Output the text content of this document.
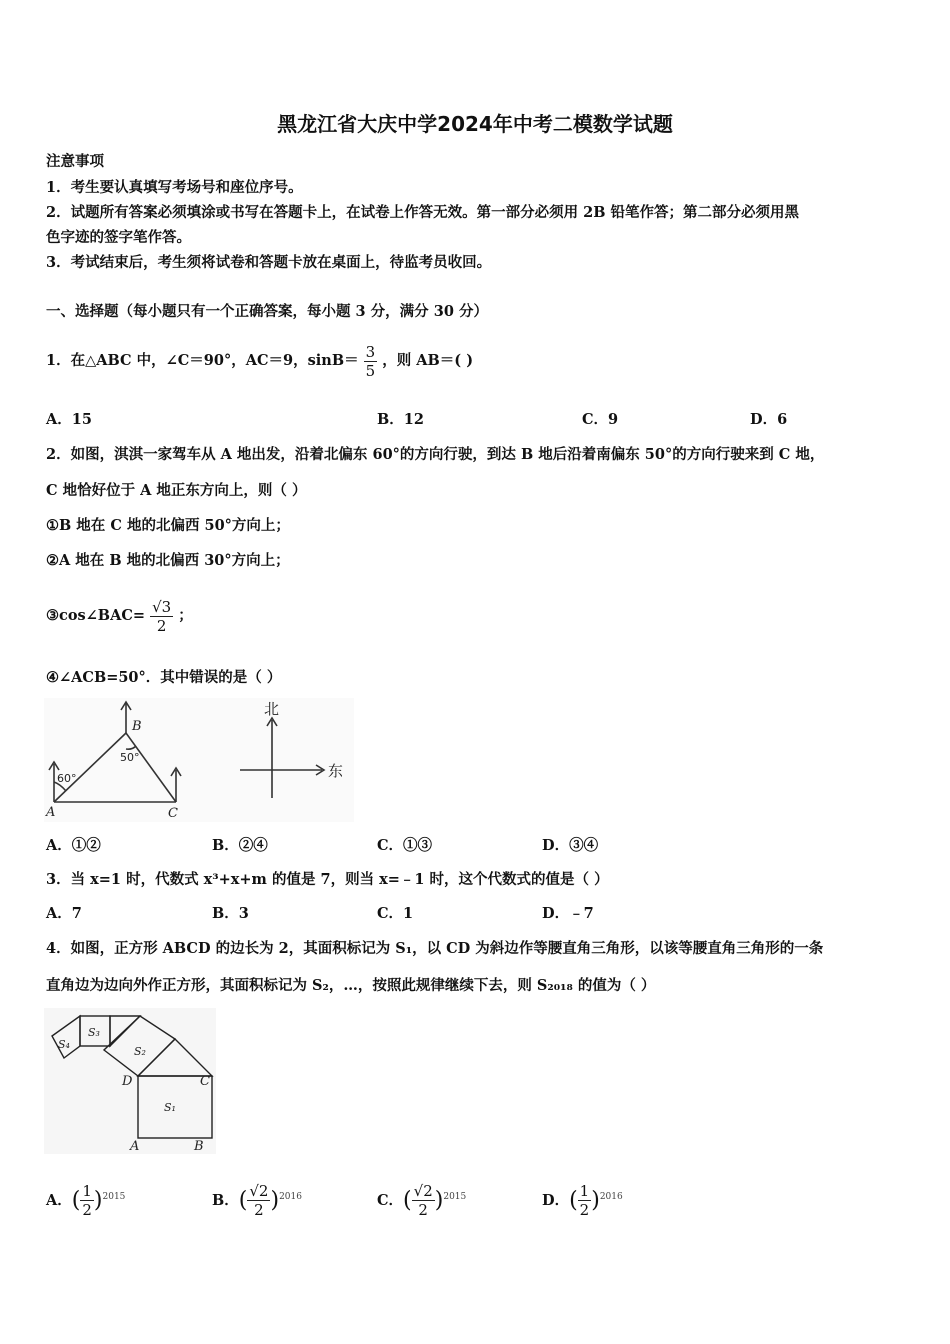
黑龙江省大庆中学2024年中考二模数学试题
注意事项
1．考生要认真填写考场号和座位序号。
2．试题所有答案必须填涂或书写在答题卡上，在试卷上作答无效。第一部分必须用 2B 铅笔作答；第二部分必须用黑
色字迹的签字笔作答。
3．考试结束后，考生须将试卷和答题卡放在桌面上，待监考员收回。
一、选择题（每小题只有一个正确答案，每小题 3 分，满分 30 分）
1．在△ABC 中，∠C＝90°，AC＝9，$\sin B= \frac{3}{5}$ ，则 AB＝( )
A．15	B．12	C．9	D．6
2．如图，淇淇一家驾车从 A 地出发，沿着北偏东 60°的方向行驶，到达 B 地后沿着南偏东 50°的方向行驶来到 C 地，
C 地恰好位于 A 地正东方向上，则（ ）
①B 地在 C 地的北偏西 50°方向上；
②A 地在 B 地的北偏西 30°方向上；
③cos∠BAC= $\frac{√3}{2}$ ；
④∠ACB=50°．其中错误的是（ ）
A
B
C
60°
50°
北
东
A．①②	B．②④	C．①③	D．③④
3．当 x=1 时，代数式 x³+x+m 的值是 7，则当 x=﹣1 时，这个代数式的值是（ ）
A．7	B．3	C．1	D．﹣7
4．如图，正方形 ABCD 的边长为 2，其面积标记为 S₁，以 CD 为斜边作等腰直角三角形，以该等腰直角三角形的一条
直角边为边向外作正方形，其面积标记为 S₂，…，按照此规律继续下去，则 S₂₀₁₈ 的值为（ ）
A	B
C
D
S₁
S₂
S₃
S₄
A．( $\frac{1}{2} )^{2015}$	B．( $\frac{√2}{2} )^{2016}$	C．( $\frac{√2}{2} )^{2015}$	D．( $\frac{1}{2} )^{2016}$
